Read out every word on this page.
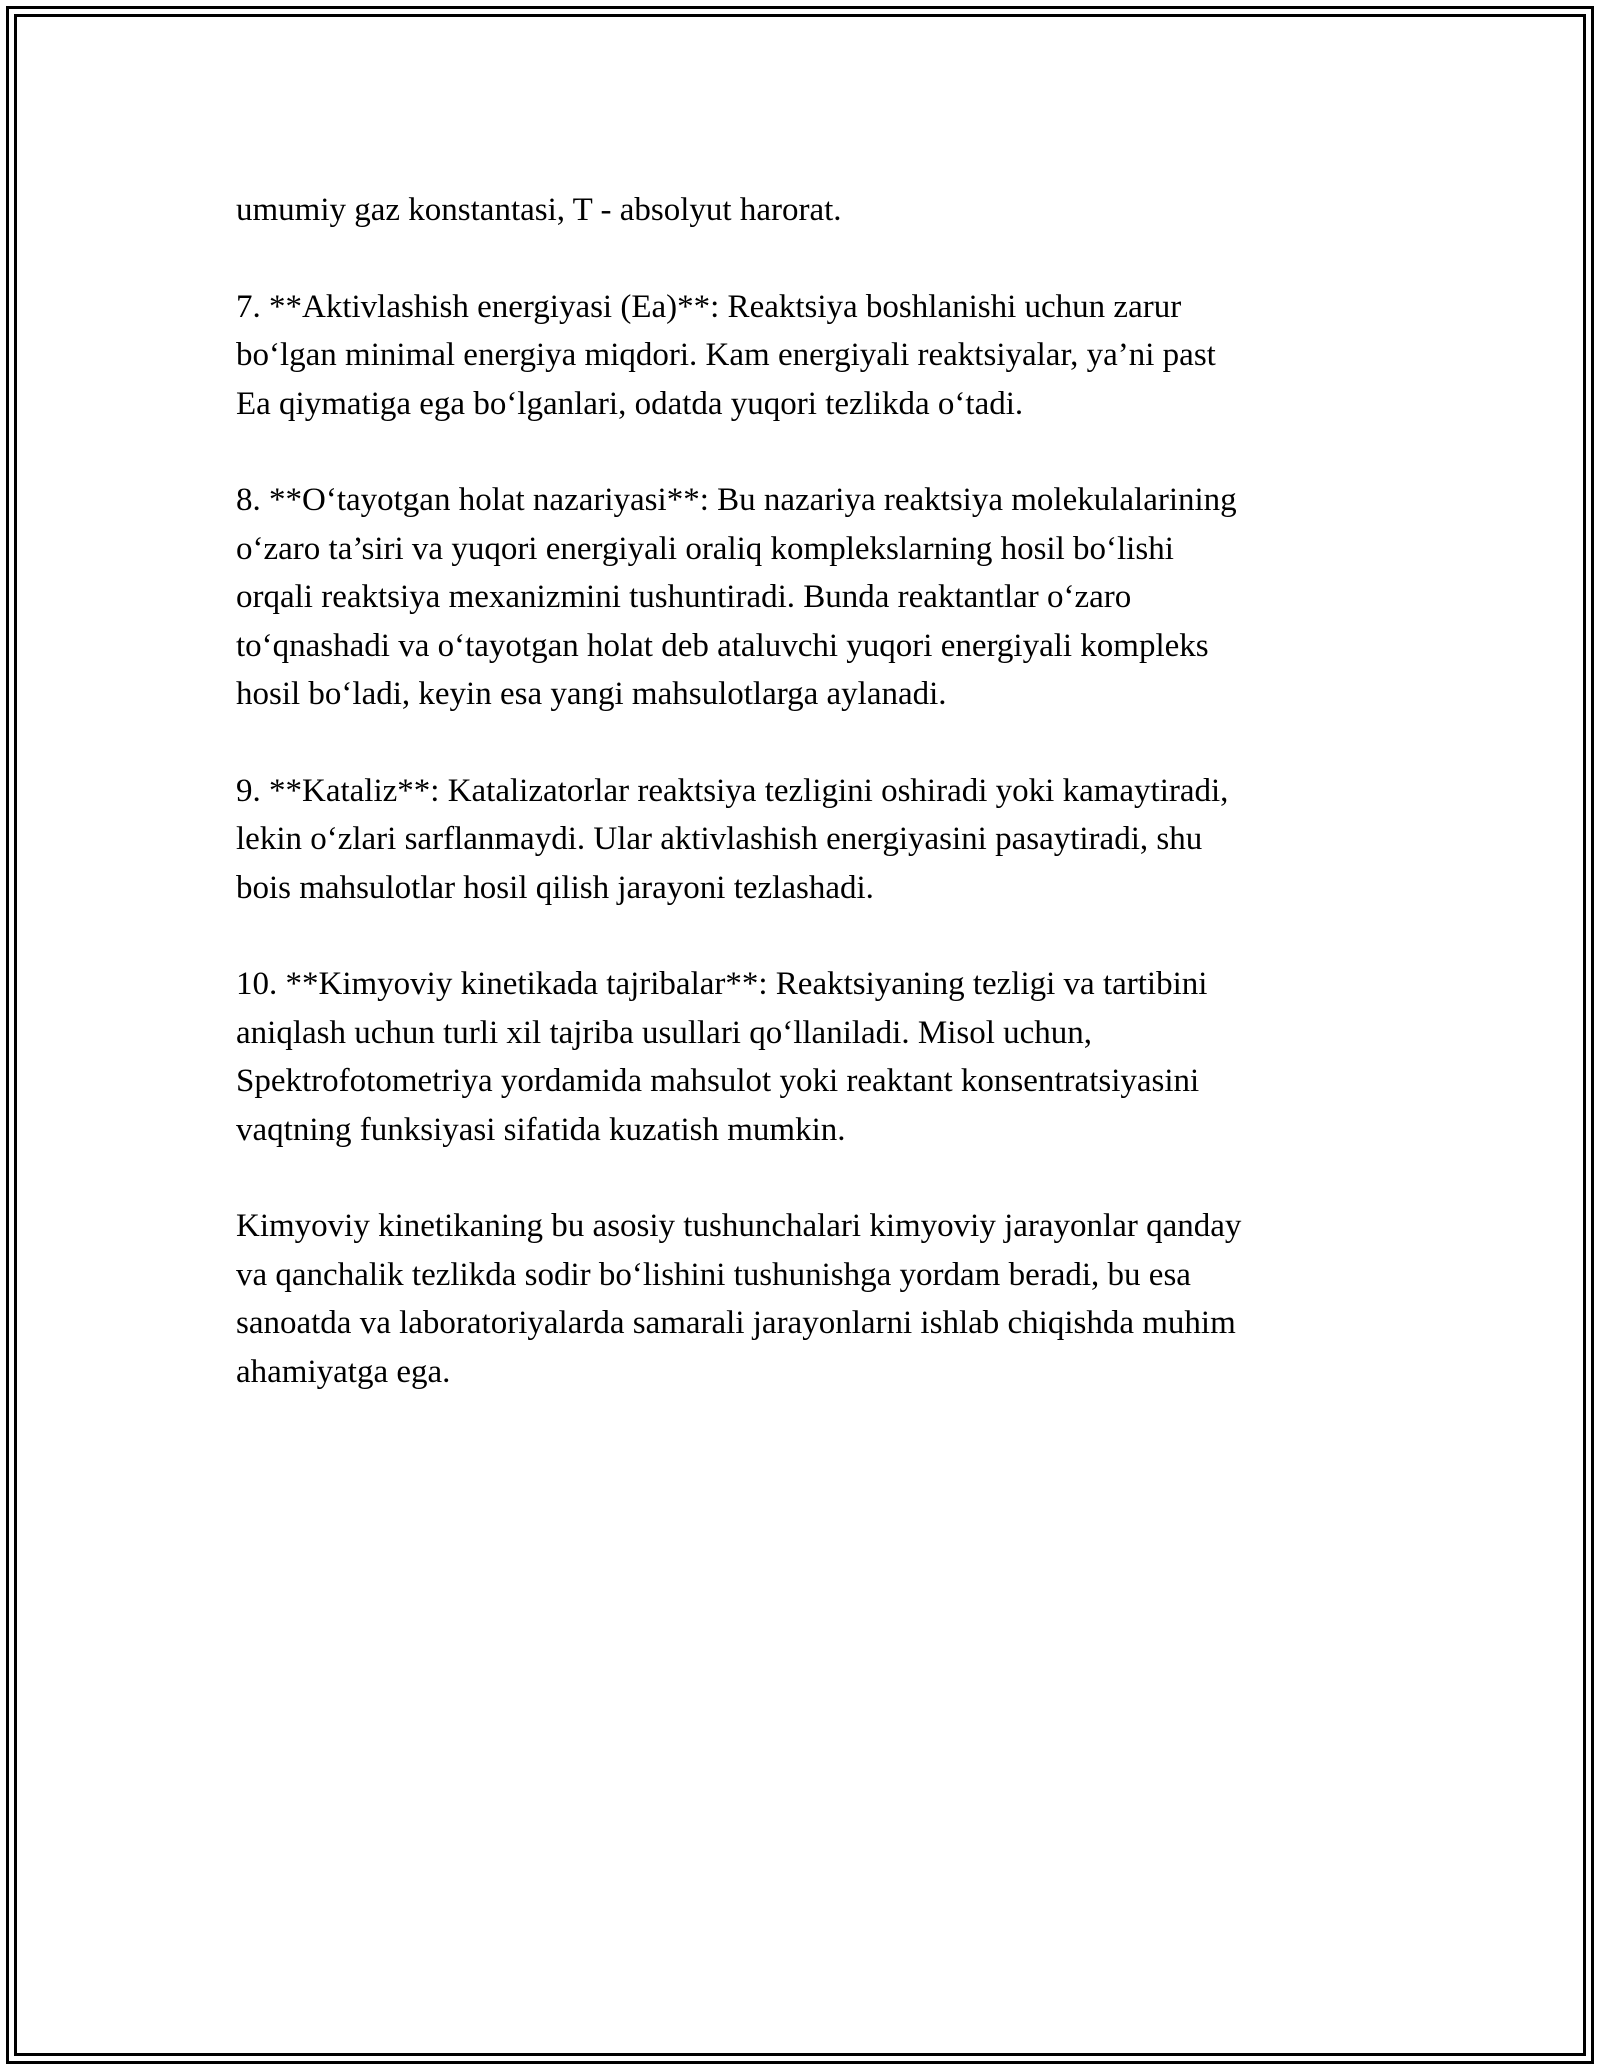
umumiy gaz konstantasi, T - absolyut harorat.
7. **Aktivlashish energiyasi (Ea)**: Reaktsiya boshlanishi uchun zarur
bo‘lgan minimal energiya miqdori. Kam energiyali reaktsiyalar, ya’ni past
Ea qiymatiga ega bo‘lganlari, odatda yuqori tezlikda o‘tadi.
8. **O‘tayotgan holat nazariyasi**: Bu nazariya reaktsiya molekulalarining
o‘zaro ta’siri va yuqori energiyali oraliq komplekslarning hosil bo‘lishi
orqali reaktsiya mexanizmini tushuntiradi. Bunda reaktantlar o‘zaro
to‘qnashadi va o‘tayotgan holat deb ataluvchi yuqori energiyali kompleks
hosil bo‘ladi, keyin esa yangi mahsulotlarga aylanadi.
9. **Kataliz**: Katalizatorlar reaktsiya tezligini oshiradi yoki kamaytiradi,
lekin o‘zlari sarflanmaydi. Ular aktivlashish energiyasini pasaytiradi, shu
bois mahsulotlar hosil qilish jarayoni tezlashadi.
10. **Kimyoviy kinetikada tajribalar**: Reaktsiyaning tezligi va tartibini
aniqlash uchun turli xil tajriba usullari qo‘llaniladi. Misol uchun,
Spektrofotometriya yordamida mahsulot yoki reaktant konsentratsiyasini
vaqtning funksiyasi sifatida kuzatish mumkin.
Kimyoviy kinetikaning bu asosiy tushunchalari kimyoviy jarayonlar qanday
va qanchalik tezlikda sodir bo‘lishini tushunishga yordam beradi, bu esa
sanoatda va laboratoriyalarda samarali jarayonlarni ishlab chiqishda muhim
ahamiyatga ega.
